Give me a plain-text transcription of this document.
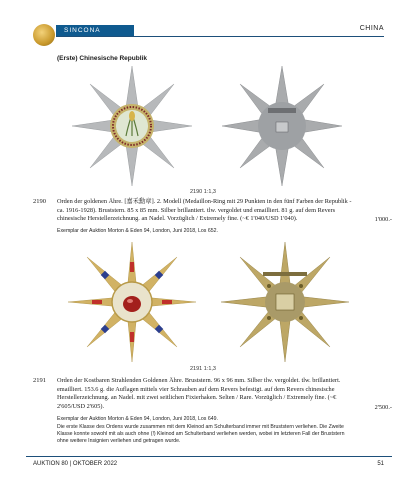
SINCONA	CHINA
(Erste) Chinesische Republik
2190 1:1,3
2190 Orden der goldenen Ähre. [嘉禾勳章]. 2. Modell (Medaillon-Ring mit 29 Punkten in den fünf Farben der Republik - ca. 1916-1928). Bruststern. 85 x 85 mm. Silber brillantiert. tlw. vergoldet und emailliert. 81 g. auf dem Revers chinesische Herstellerzeichnung. an Nadel. Vorzüglich / Extremely fine. (~€ 1'040/USD 1'040).	1'000.-
Exemplar der Auktion Morton & Eden 94, London, Juni 2018, Los 652.
2191 1:1,3
2191 Orden der Kostbaren Strahlenden Goldenen Ähre. Bruststern. 96 x 96 mm. Silber tlw. vergoldet. tlw. brillantiert. emailliert. 153.6 g. die Auflagen mittels vier Schrauben auf dem Revers befestigt. auf dem Revers chinesische Herstellerzeichnung. an Nadel. mit zwei seitlichen Fixierhaken. Selten / Rare. Vorzüglich / Extremely fine. (~€ 2'605/USD 2'605).	2'500.-
Exemplar der Auktion Morton & Eden 94, London, Juni 2018, Los 649.
Die erste Klasse des Ordens wurde zusammen mit dem Kleinod am Schulterband immer mit Bruststern verliehen. Die Zweite Klasse konnte sowohl mit als auch ohne (!) Kleinod am Schulterband verliehen werden, wobei im letzteren Fall der Bruststern ohne weitere Insignien verliehen und getragen wurde.
AUKTION 80 | OKTOBER 2022	51
